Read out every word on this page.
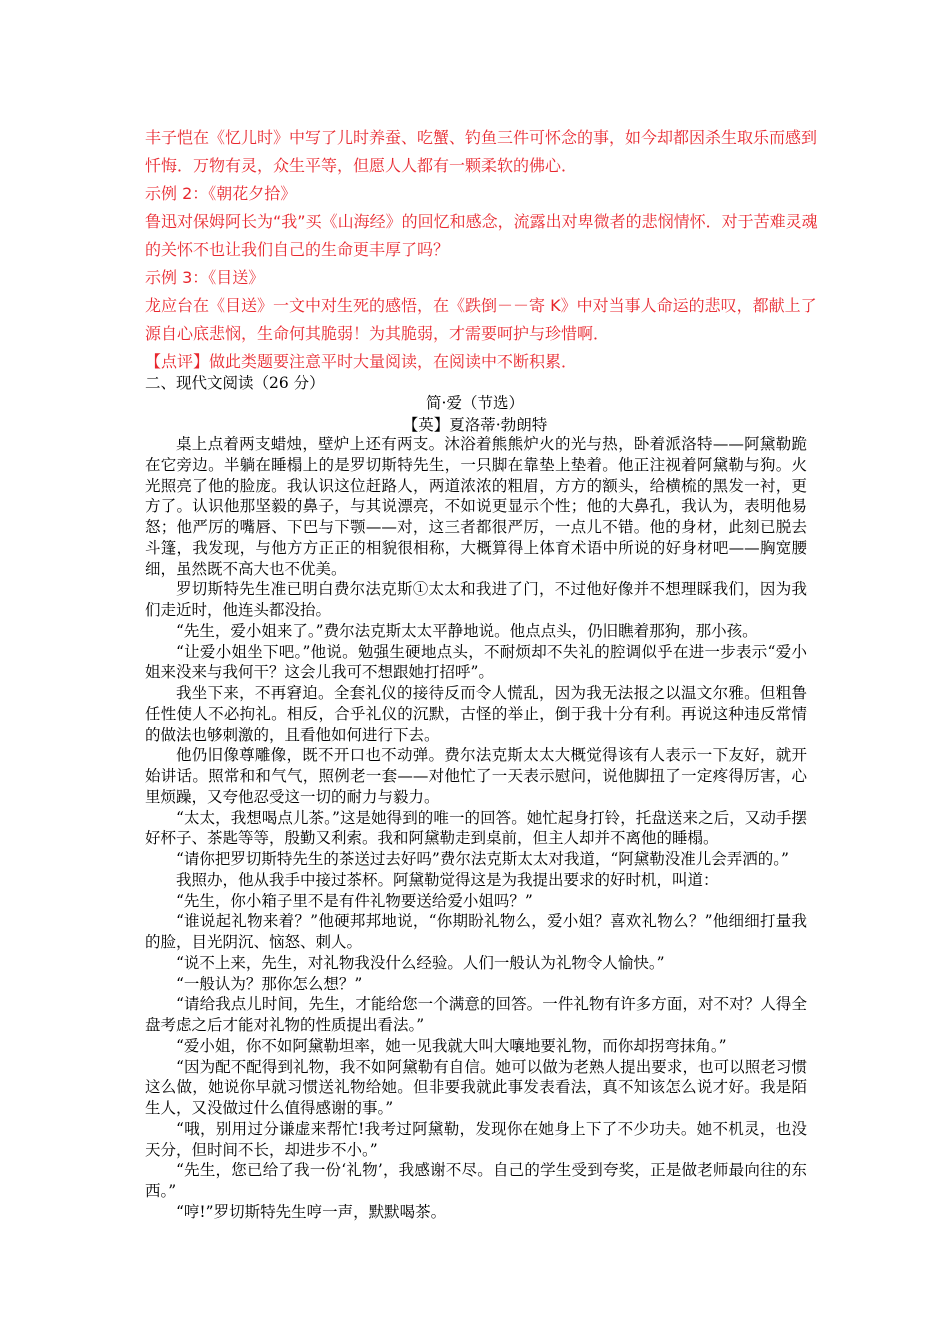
丰子恺在《忆儿时》中写了儿时养蚕、吃蟹、钓鱼三件可怀念的事，如今却都因杀生取乐而感到忏悔．万物有灵，众生平等，但愿人人都有一颗柔软的佛心．

示例 2：《朝花夕拾》

鲁迅对保姆阿长为“我”买《山海经》的回忆和感念，流露出对卑微者的悲悯情怀．对于苦难灵魂的关怀不也让我们自己的生命更丰厚了吗？

示例 3：《目送》

龙应台在《目送》一文中对生死的感悟，在《跌倒－－寄 K》中对当事人命运的悲叹，都献上了源自心底悲悯，生命何其脆弱！为其脆弱，才需要呵护与珍惜啊．

【点评】做此类题要注意平时大量阅读，在阅读中不断积累．

二、现代文阅读（26 分）
简·爱（节选）
【英】夏洛蒂·勃朗特

桌上点着两支蜡烛，壁炉上还有两支。沐浴着熊熊炉火的光与热，卧着派洛特——阿黛勒跪在它旁边。半躺在睡榻上的是罗切斯特先生，一只脚在靠垫上垫着。他正注视着阿黛勒与狗。火光照亮了他的脸庞。我认识这位赶路人，两道浓浓的粗眉，方方的额头，给横梳的黑发一衬，更方了。认识他那坚毅的鼻子，与其说漂亮，不如说更显示个性；他的大鼻孔，我认为，表明他易怒；他严厉的嘴唇、下巴与下颚——对，这三者都很严厉，一点儿不错。他的身材，此刻已脱去斗篷，我发现，与他方方正正的相貌很相称，大概算得上体育术语中所说的好身材吧——胸宽腰细，虽然既不高大也不优美。

罗切斯特先生准已明白费尔法克斯①太太和我进了门，不过他好像并不想理睬我们，因为我们走近时，他连头都没抬。

“先生，爱小姐来了。”费尔法克斯太太平静地说。他点点头，仍旧瞧着那狗，那小孩。

“让爱小姐坐下吧。”他说。勉强生硬地点头，不耐烦却不失礼的腔调似乎在进一步表示“爱小姐来没来与我何干？这会儿我可不想跟她打招呼”。

我坐下来，不再窘迫。全套礼仪的接待反而令人慌乱，因为我无法报之以温文尔雅。但粗鲁任性使人不必拘礼。相反，合乎礼仪的沉默，古怪的举止，倒于我十分有利。再说这种违反常情的做法也够刺激的，且看他如何进行下去。

他仍旧像尊雕像，既不开口也不动弹。费尔法克斯太太大概觉得该有人表示一下友好，就开始讲话。照常和和气气，照例老一套——对他忙了一天表示慰问，说他脚扭了一定疼得厉害，心里烦躁，又夸他忍受这一切的耐力与毅力。

“太太，我想喝点儿茶。”这是她得到的唯一的回答。她忙起身打铃，托盘送来之后，又动手摆好杯子、茶匙等等，殷勤又利索。我和阿黛勒走到桌前，但主人却并不离他的睡榻。

“请你把罗切斯特先生的茶送过去好吗”费尔法克斯太太对我道，“阿黛勒没准儿会弄洒的。”

我照办，他从我手中接过茶杯。阿黛勒觉得这是为我提出要求的好时机，叫道：

“先生，你小箱子里不是有件礼物要送给爱小姐吗？”

“谁说起礼物来着？”他硬邦邦地说，“你期盼礼物么，爱小姐？喜欢礼物么？”他细细打量我的脸，目光阴沉、恼怒、刺人。

“说不上来，先生，对礼物我没什么经验。人们一般认为礼物令人愉快。”

“一般认为？那你怎么想？”

“请给我点儿时间，先生，才能给您一个满意的回答。一件礼物有许多方面，对不对？人得全盘考虑之后才能对礼物的性质提出看法。”

“爱小姐，你不如阿黛勒坦率，她一见我就大叫大嚷地要礼物，而你却拐弯抹角。”

“因为配不配得到礼物，我不如阿黛勒有自信。她可以做为老熟人提出要求，也可以照老习惯这么做，她说你早就习惯送礼物给她。但非要我就此事发表看法，真不知该怎么说才好。我是陌生人，又没做过什么值得感谢的事。”

“哦，别用过分谦虚来帮忙!我考过阿黛勒，发现你在她身上下了不少功夫。她不机灵，也没天分，但时间不长，却进步不小。”

“先生，您已给了我一份‘礼物’，我感谢不尽。自己的学生受到夸奖，正是做老师最向往的东西。”

“哼!”罗切斯特先生哼一声，默默喝茶。
